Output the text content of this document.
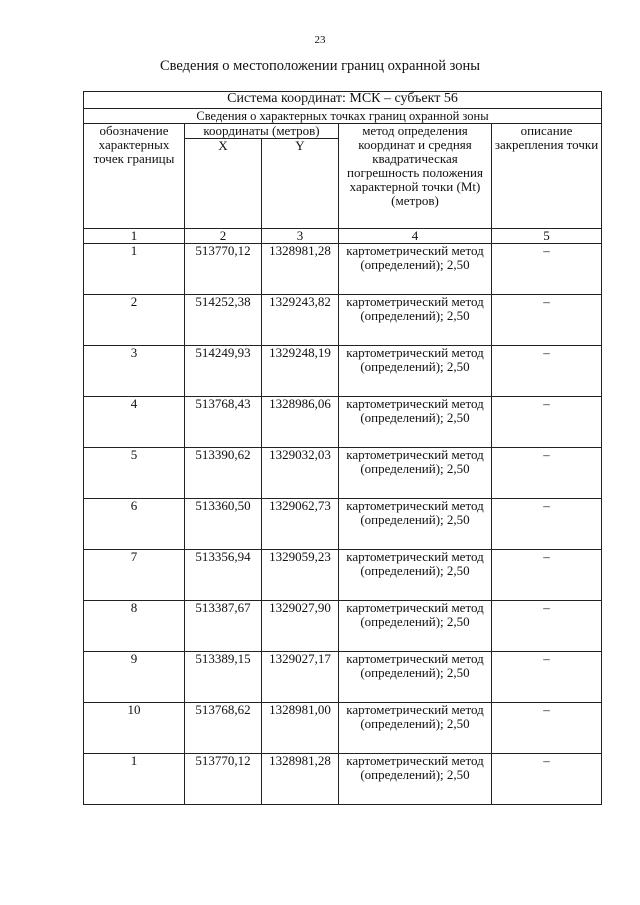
23
Сведения о местоположении границ охранной зоны

Система координат: МСК – субъект 56				
Сведения о характерных точках границ охранной зоны				
обозначение характерных точек границы	координаты (метров)		метод определения координат и средняя квадратическая погрешность положения характерной точки (Mt) (метров)	описание закрепления точки
	X	Y		
1	2	3	4	5
1	513770,12	1328981,28	картометрический метод (определений); 2,50	–
2	514252,38	1329243,82	картометрический метод (определений); 2,50	–
3	514249,93	1329248,19	картометрический метод (определений); 2,50	–
4	513768,43	1328986,06	картометрический метод (определений); 2,50	–
5	513390,62	1329032,03	картометрический метод (определений); 2,50	–
6	513360,50	1329062,73	картометрический метод (определений); 2,50	–
7	513356,94	1329059,23	картометрический метод (определений); 2,50	–
8	513387,67	1329027,90	картометрический метод (определений); 2,50	–
9	513389,15	1329027,17	картометрический метод (определений); 2,50	–
10	513768,62	1328981,00	картометрический метод (определений); 2,50	–
1	513770,12	1328981,28	картометрический метод (определений); 2,50	–
